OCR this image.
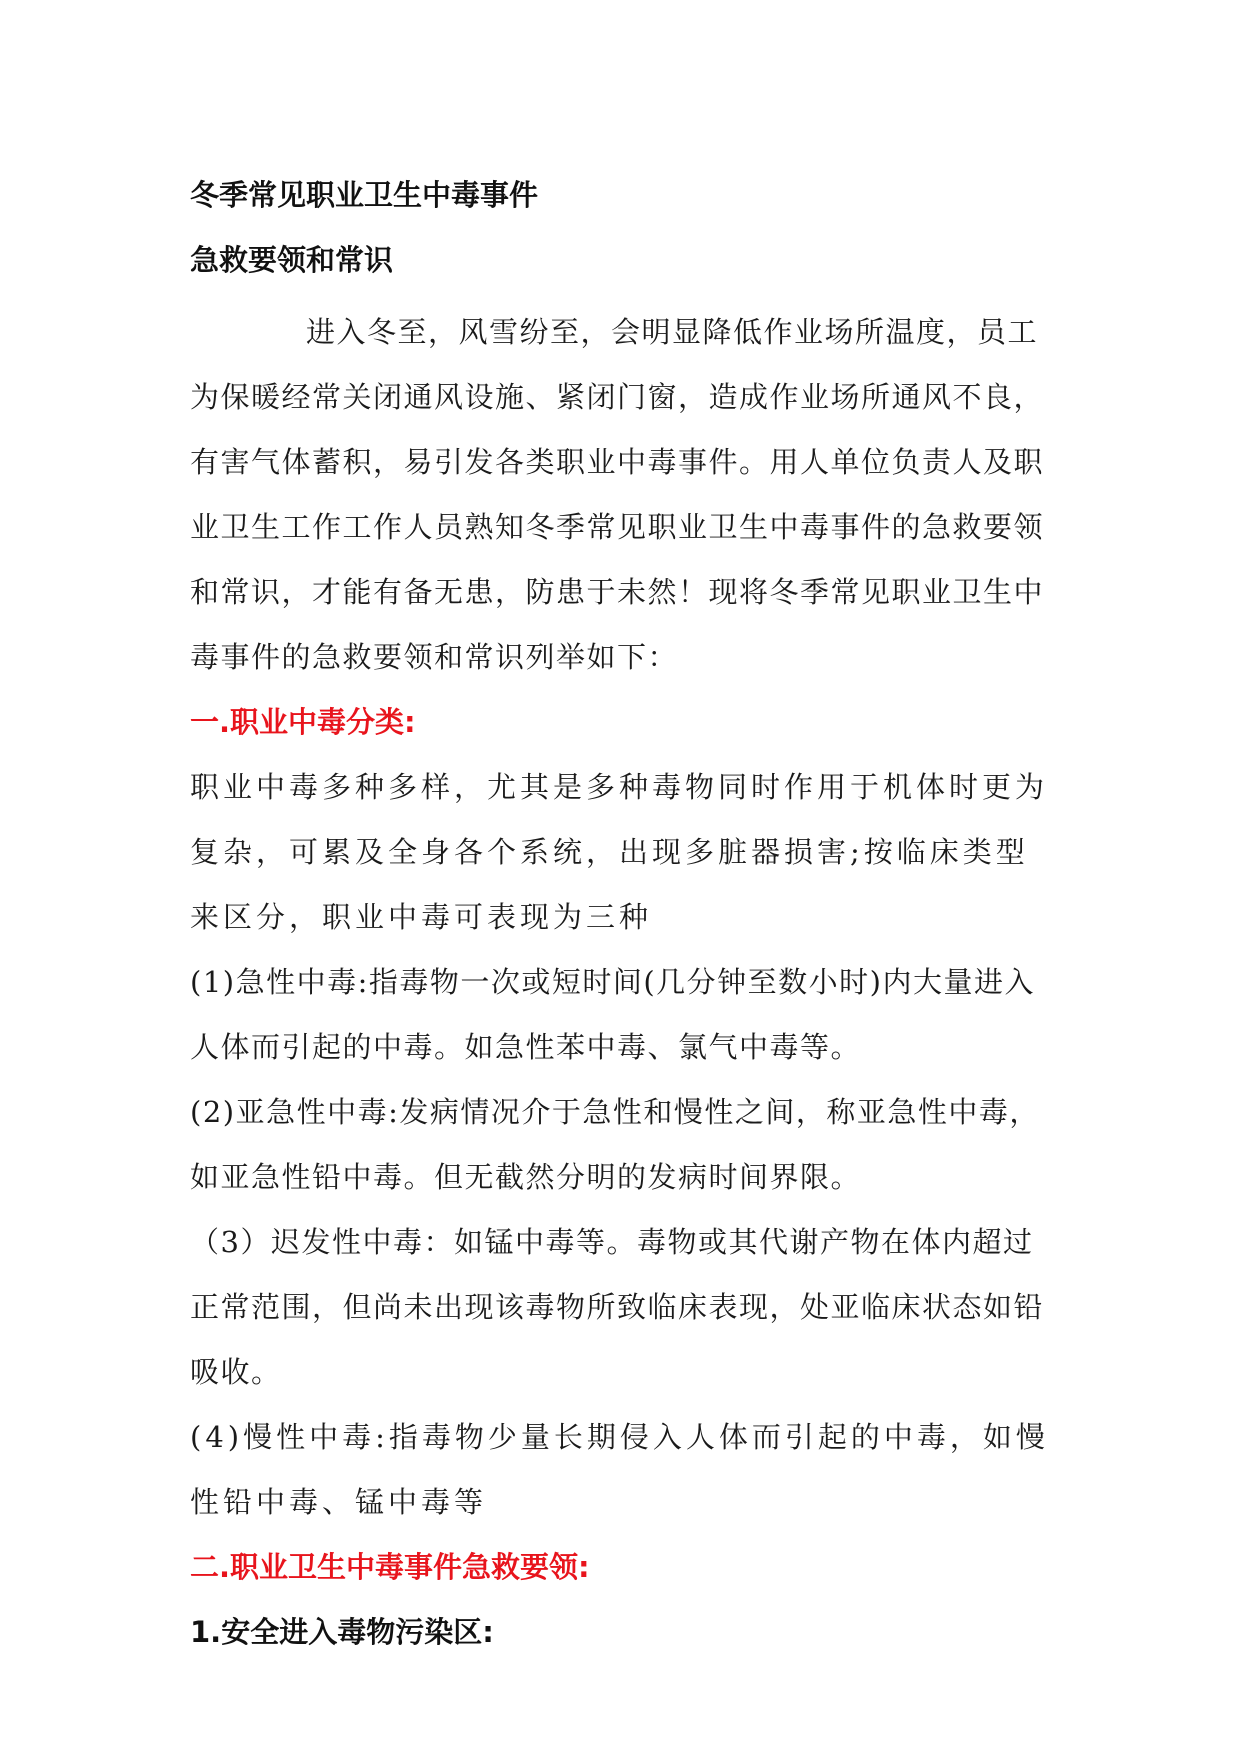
冬季常见职业卫生中毒事件
急救要领和常识

进入冬至，风雪纷至，会明显降低作业场所温度，员工为保暖经常关闭通风设施、紧闭门窗，造成作业场所通风不良，有害气体蓄积，易引发各类职业中毒事件。用人单位负责人及职业卫生工作工作人员熟知冬季常见职业卫生中毒事件的急救要领和常识，才能有备无患，防患于未然！现将冬季常见职业卫生中毒事件的急救要领和常识列举如下：

一.职业中毒分类:

职业中毒多种多样，尤其是多种毒物同时作用于机体时更为复杂，可累及全身各个系统，出现多脏器损害;按临床类型来区分，职业中毒可表现为三种

(1)急性中毒:指毒物一次或短时间(几分钟至数小时)内大量进入人体而引起的中毒。如急性苯中毒、氯气中毒等。

(2)亚急性中毒:发病情况介于急性和慢性之间，称亚急性中毒，如亚急性铅中毒。但无截然分明的发病时间界限。

（3）迟发性中毒：如锰中毒等。毒物或其代谢产物在体内超过正常范围，但尚未出现该毒物所致临床表现，处亚临床状态如铅吸收。

(4)慢性中毒:指毒物少量长期侵入人体而引起的中毒，如慢性铅中毒、锰中毒等

二.职业卫生中毒事件急救要领:
1.安全进入毒物污染区:
